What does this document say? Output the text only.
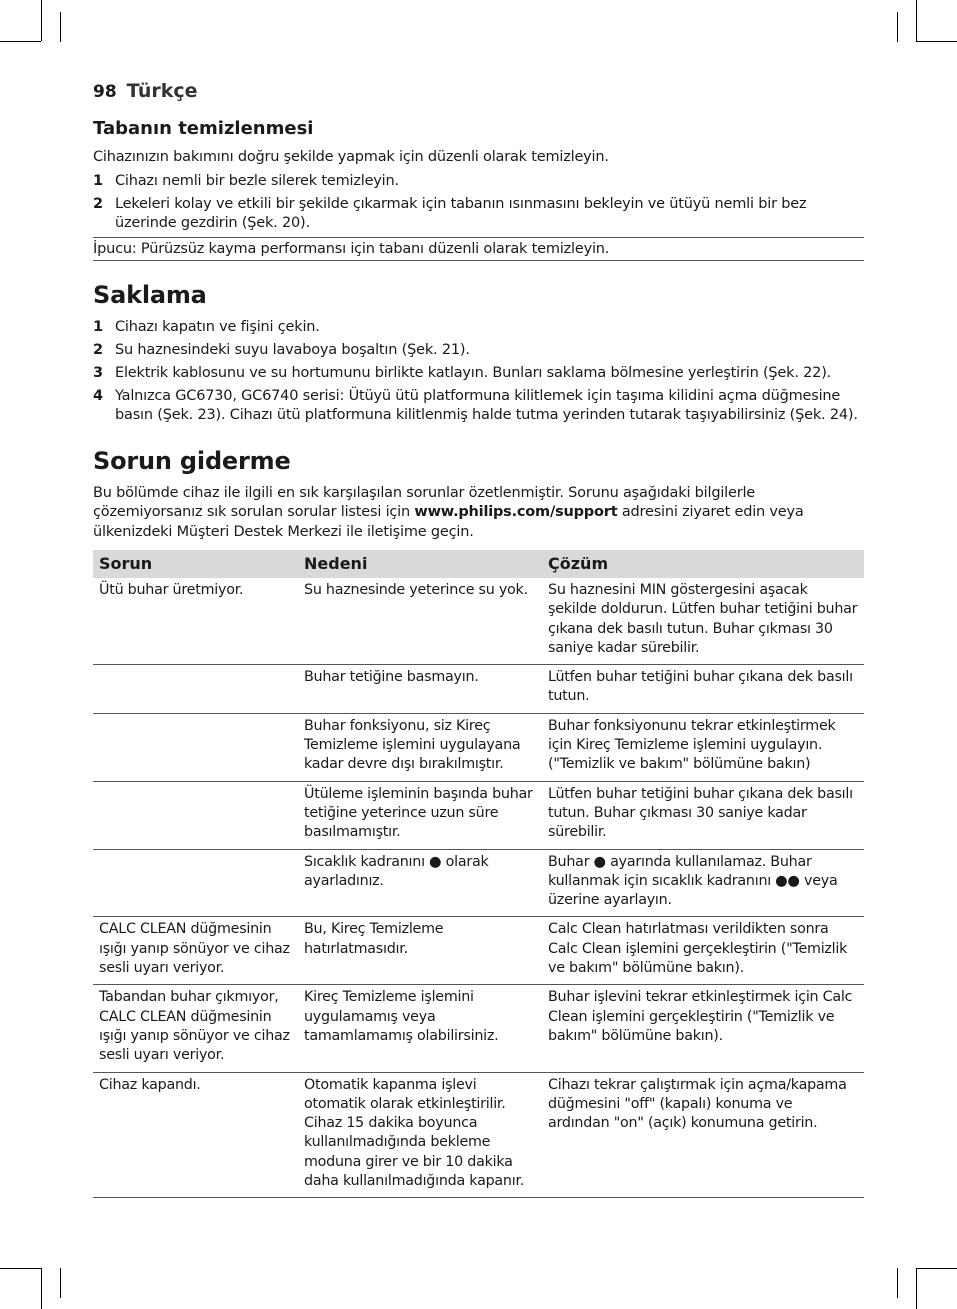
98 Türkçe
Tabanın temizlenmesi

Cihazınızın bakımını doğru şekilde yapmak için düzenli olarak temizleyin.

1 Cihazı nemli bir bezle silerek temizleyin.
2 Lekeleri kolay ve etkili bir şekilde çıkarmak için tabanın ısınmasını bekleyin ve ütüyü nemli bir bez üzerinde gezdirin (Şek. 20).
İpucu: Pürüzsüz kayma performansı için tabanı düzenli olarak temizleyin.
Saklama
1 Cihazı kapatın ve fişini çekin.
2 Su haznesindeki suyu lavaboya boşaltın (Şek. 21).
3 Elektrik kablosunu ve su hortumunu birlikte katlayın. Bunları saklama bölmesine yerleştirin (Şek. 22).
4 Yalnızca GC6730, GC6740 serisi: Ütüyü ütü platformuna kilitlemek için taşıma kilidini açma düğmesine basın (Şek. 23). Cihazı ütü platformuna kilitlenmiş halde tutma yerinden tutarak taşıyabilirsiniz (Şek. 24).
Sorun giderme

Bu bölümde cihaz ile ilgili en sık karşılaşılan sorunlar özetlenmiştir. Sorunu aşağıdaki bilgilerle çözemiyorsanız sık sorulan sorular listesi için www.philips.com/support adresini ziyaret edin veya ülkenizdeki Müşteri Destek Merkezi ile iletişime geçin.

Sorun	Nedeni	Çözüm
Ütü buhar üretmiyor.	Su haznesinde yeterince su yok.	Su haznesini MIN göstergesini aşacak şekilde doldurun. Lütfen buhar tetiğini buhar çıkana dek basılı tutun. Buhar çıkması 30 saniye kadar sürebilir.
	Buhar tetiğine basmayın.	Lütfen buhar tetiğini buhar çıkana dek basılı tutun.
	Buhar fonksiyonu, siz Kireç Temizleme işlemini uygulayana kadar devre dışı bırakılmıştır.	Buhar fonksiyonunu tekrar etkinleştirmek için Kireç Temizleme işlemini uygulayın. ("Temizlik ve bakım" bölümüne bakın)
	Ütüleme işleminin başında buhar tetiğine yeterince uzun süre basılmamıştır.	Lütfen buhar tetiğini buhar çıkana dek basılı tutun. Buhar çıkması 30 saniye kadar sürebilir.
	Sıcaklık kadranını ● olarak ayarladınız.	Buhar ● ayarında kullanılamaz. Buhar kullanmak için sıcaklık kadranını ●● veya üzerine ayarlayın.
CALC CLEAN düğmesinin ışığı yanıp sönüyor ve cihaz sesli uyarı veriyor.	Bu, Kireç Temizleme hatırlatmasıdır.	Calc Clean hatırlatması verildikten sonra Calc Clean işlemini gerçekleştirin ("Temizlik ve bakım" bölümüne bakın).
Tabandan buhar çıkmıyor, CALC CLEAN düğmesinin ışığı yanıp sönüyor ve cihaz sesli uyarı veriyor.	Kireç Temizleme işlemini uygulamamış veya tamamlamamış olabilirsiniz.	Buhar işlevini tekrar etkinleştirmek için Calc Clean işlemini gerçekleştirin ("Temizlik ve bakım" bölümüne bakın).
Cihaz kapandı.	Otomatik kapanma işlevi otomatik olarak etkinleştirilir. Cihaz 15 dakika boyunca kullanılmadığında bekleme moduna girer ve bir 10 dakika daha kullanılmadığında kapanır.	Cihazı tekrar çalıştırmak için açma/kapama düğmesini "off" (kapalı) konuma ve ardından "on" (açık) konumuna getirin.
